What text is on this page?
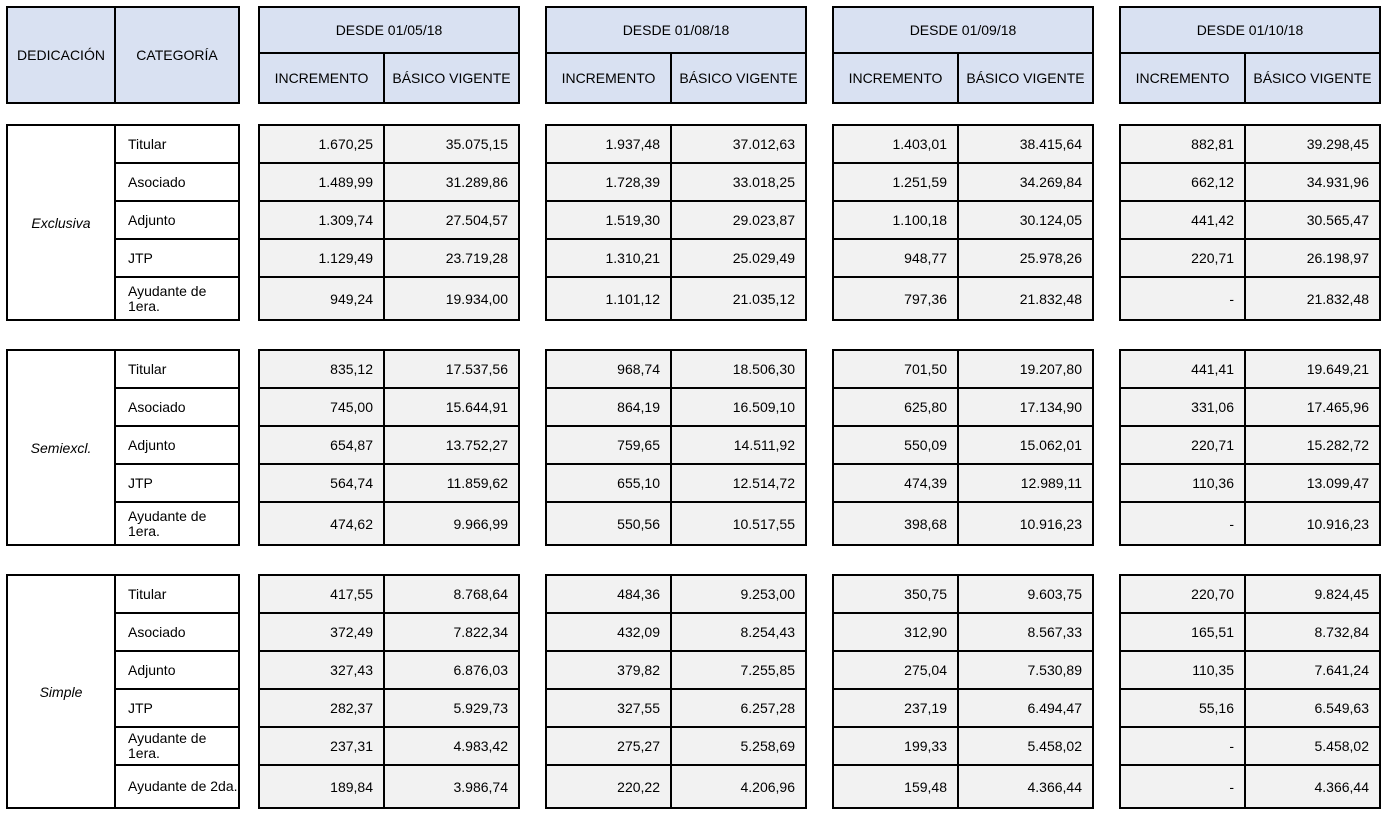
DEDICACIÓN	CATEGORÍA
DESDE 01/05/18
INCREMENTO	BÁSICO VIGENTE
DESDE 01/08/18
INCREMENTO	BÁSICO VIGENTE
DESDE 01/09/18
INCREMENTO	BÁSICO VIGENTE
DESDE 01/10/18
INCREMENTO	BÁSICO VIGENTE
Exclusiva
Titular	1.670,25	35.075,15	1.937,48	37.012,63	1.403,01	38.415,64	882,81	39.298,45
Asociado	1.489,99	31.289,86	1.728,39	33.018,25	1.251,59	34.269,84	662,12	34.931,96
Adjunto	1.309,74	27.504,57	1.519,30	29.023,87	1.100,18	30.124,05	441,42	30.565,47
JTP	1.129,49	23.719,28	1.310,21	25.029,49	948,77	25.978,26	220,71	26.198,97
Ayudante de 1era.	949,24	19.934,00	1.101,12	21.035,12	797,36	21.832,48	-	21.832,48
Semiexcl.
Titular	835,12	17.537,56	968,74	18.506,30	701,50	19.207,80	441,41	19.649,21
Asociado	745,00	15.644,91	864,19	16.509,10	625,80	17.134,90	331,06	17.465,96
Adjunto	654,87	13.752,27	759,65	14.511,92	550,09	15.062,01	220,71	15.282,72
JTP	564,74	11.859,62	655,10	12.514,72	474,39	12.989,11	110,36	13.099,47
Ayudante de 1era.	474,62	9.966,99	550,56	10.517,55	398,68	10.916,23	-	10.916,23
Simple
Titular	417,55	8.768,64	484,36	9.253,00	350,75	9.603,75	220,70	9.824,45
Asociado	372,49	7.822,34	432,09	8.254,43	312,90	8.567,33	165,51	8.732,84
Adjunto	327,43	6.876,03	379,82	7.255,85	275,04	7.530,89	110,35	7.641,24
JTP	282,37	5.929,73	327,55	6.257,28	237,19	6.494,47	55,16	6.549,63
Ayudante de 1era.	237,31	4.983,42	275,27	5.258,69	199,33	5.458,02	-	5.458,02
Ayudante de 2da.	189,84	3.986,74	220,22	4.206,96	159,48	4.366,44	-	4.366,44
